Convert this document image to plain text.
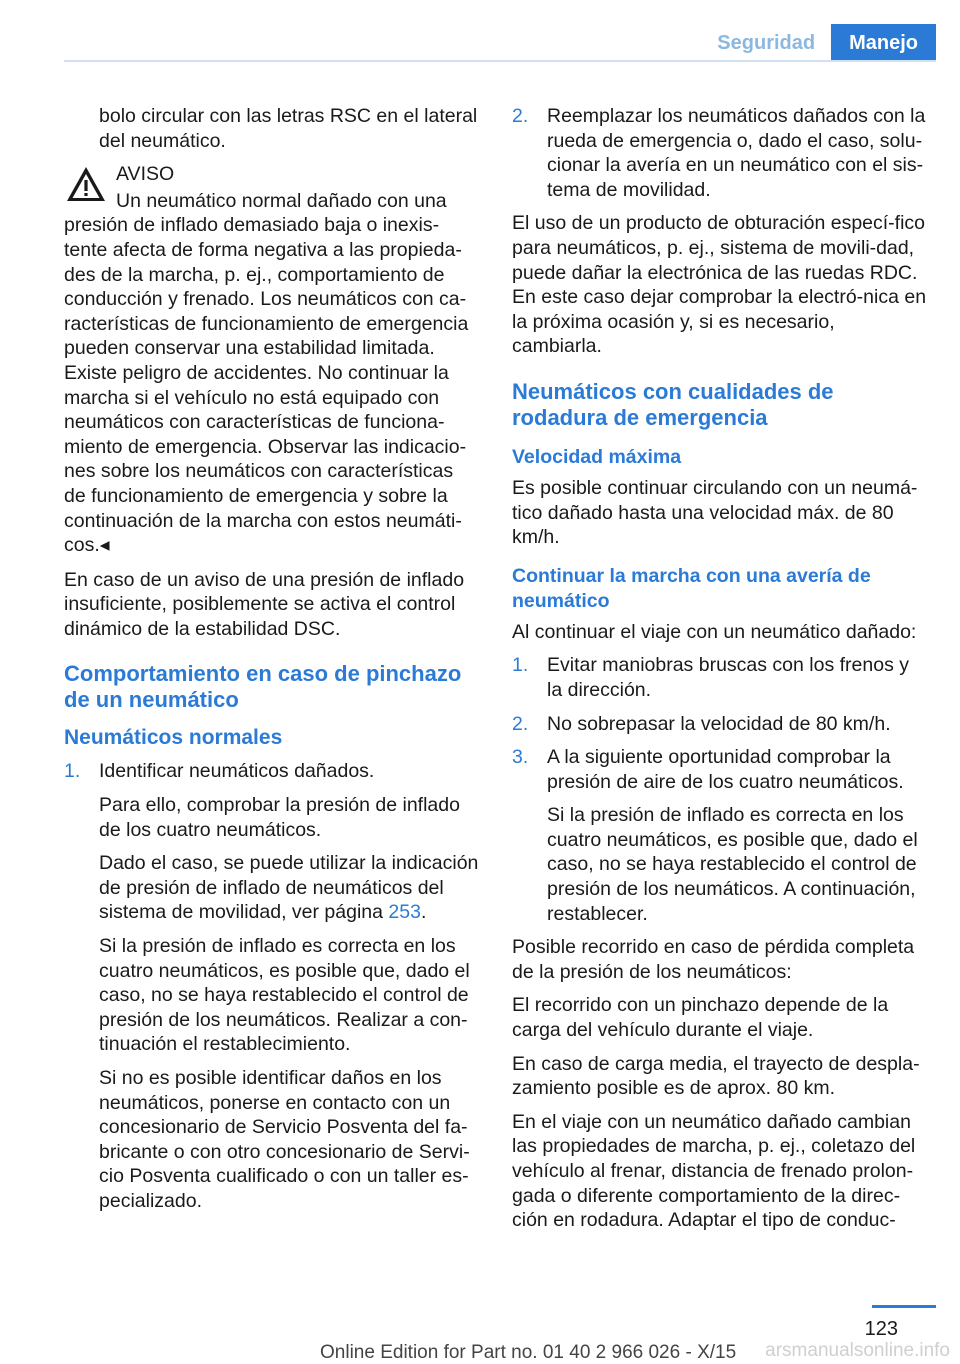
Seguridad	Manejo

bolo circular con las letras RSC en el lateral del neumático.

AVISO
Un neumático normal dañado con una

presión de inflado demasiado baja o inexis‐tente afecta de forma negativa a las propieda‐des de la marcha, p. ej., comportamiento de conducción y frenado. Los neumáticos con ca‐racterísticas de funcionamiento de emergencia pueden conservar una estabilidad limitada. Existe peligro de accidentes. No continuar la marcha si el vehículo no está equipado con neumáticos con características de funciona‐miento de emergencia. Observar las indicacio‐nes sobre los neumáticos con características de funcionamiento de emergencia y sobre la continuación de la marcha con estos neumáti‐cos.◂

En caso de un aviso de una presión de inflado insuficiente, posiblemente se activa el control dinámico de la estabilidad DSC.

Comportamiento en caso de pinchazo de un neumático
Neumáticos normales
1. Identificar neumáticos dañados.

Para ello, comprobar la presión de inflado de los cuatro neumáticos.

Dado el caso, se puede utilizar la indicación de presión de inflado de neumáticos del sistema de movilidad, ver página 253.

Si la presión de inflado es correcta en los cuatro neumáticos, es posible que, dado el caso, no se haya restablecido el control de presión de los neumáticos. Realizar a con‐tinuación el restablecimiento.

Si no es posible identificar daños en los neumáticos, ponerse en contacto con un concesionario de Servicio Posventa del fa‐bricante o con otro concesionario de Servi‐cio Posventa cualificado o con un taller es‐pecializado.

2. Reemplazar los neumáticos dañados con la rueda de emergencia o, dado el caso, solu‐cionar la avería en un neumático con el sis‐tema de movilidad.

El uso de un producto de obturación especí‐fico para neumáticos, p. ej., sistema de movili‐dad, puede dañar la electrónica de las ruedas RDC. En este caso dejar comprobar la electró‐nica en la próxima ocasión y, si es necesario, cambiarla.

Neumáticos con cualidades de rodadura de emergencia
Velocidad máxima

Es posible continuar circulando con un neumá‐tico dañado hasta una velocidad máx. de 80 km/h.

Continuar la marcha con una avería de neumático

Al continuar el viaje con un neumático dañado:

1. Evitar maniobras bruscas con los frenos y la dirección.
2. No sobrepasar la velocidad de 80 km/h.
3. A la siguiente oportunidad comprobar la presión de aire de los cuatro neumáticos.

Si la presión de inflado es correcta en los cuatro neumáticos, es posible que, dado el caso, no se haya restablecido el control de presión de los neumáticos. A continuación, restablecer.

Posible recorrido en caso de pérdida completa de la presión de los neumáticos:

El recorrido con un pinchazo depende de la carga del vehículo durante el viaje.

En caso de carga media, el trayecto de despla‐zamiento posible es de aprox. 80 km.

En el viaje con un neumático dañado cambian las propiedades de marcha, p. ej., coletazo del vehículo al frenar, distancia de frenado prolon‐gada o diferente comportamiento de la direc‐ción en rodadura. Adaptar el tipo de conduc‐

123
Online Edition for Part no. 01 40 2 966 026 - X/15 arsmanualsonline.info
